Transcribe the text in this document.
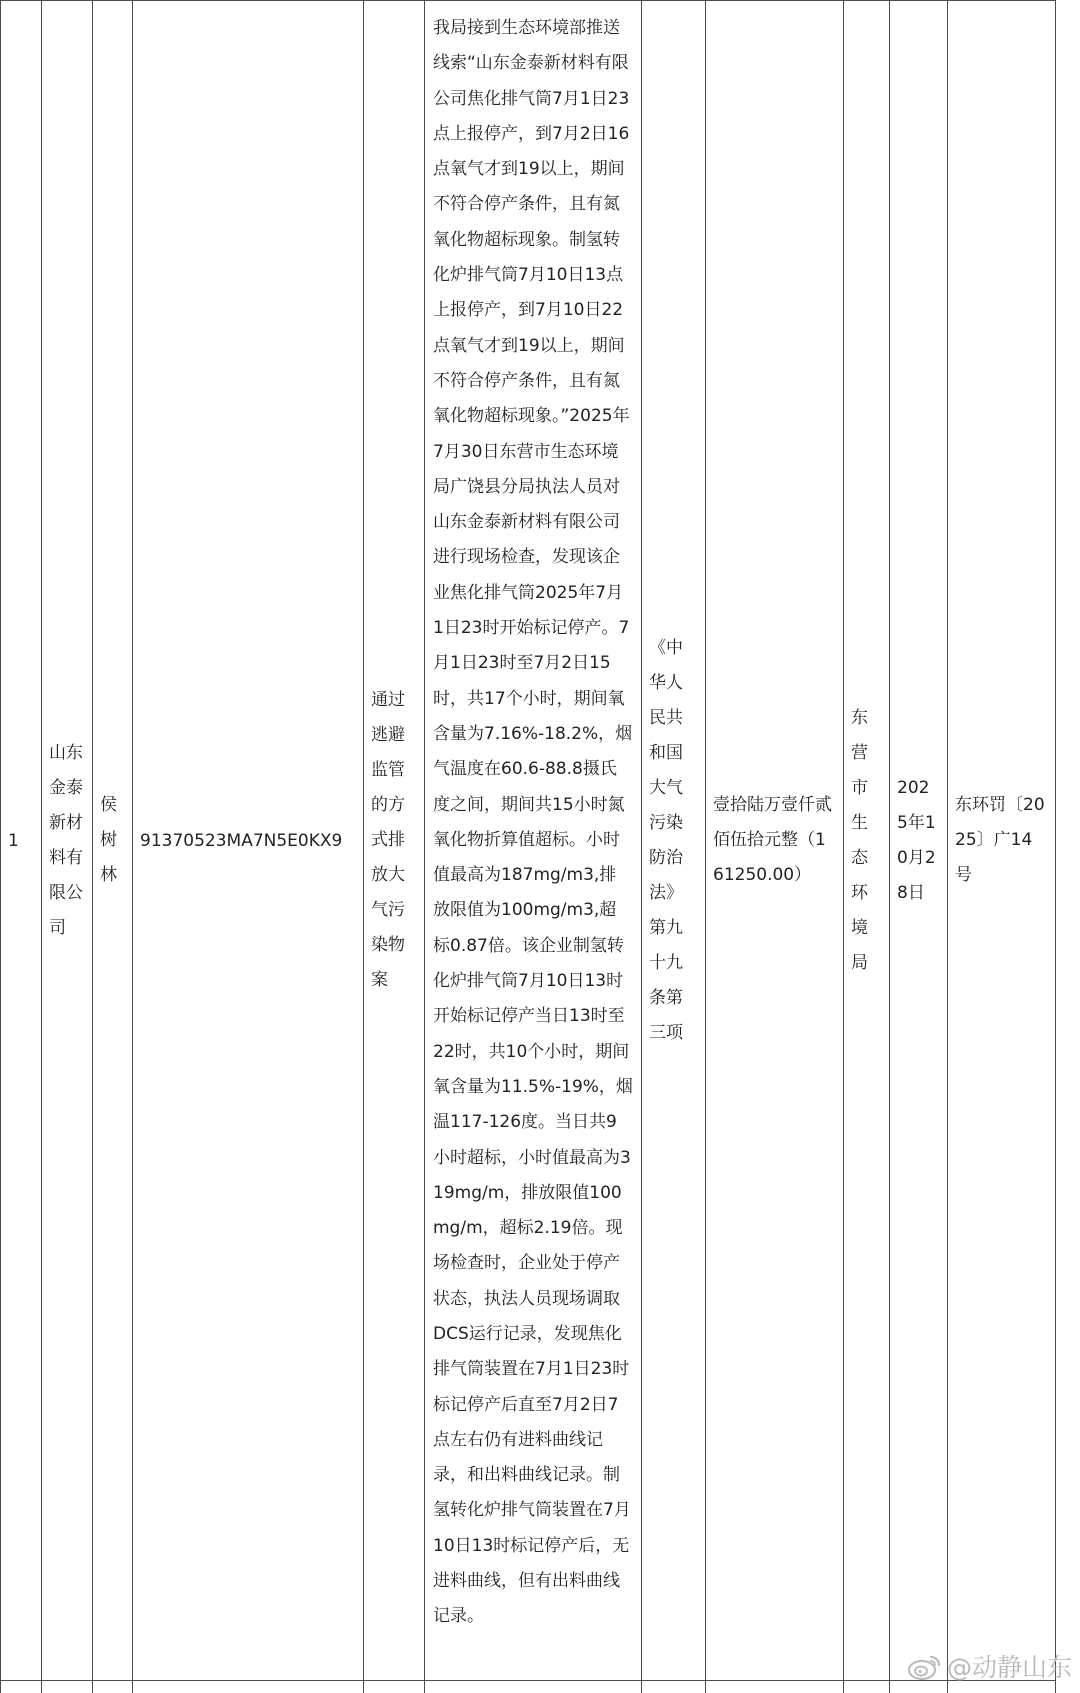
1	山东金泰新材料有限公司	侯树林	91370523MA7N5E0KX9	通过逃避监管的方式排放大气污染物案	我局接到生态环境部推送线索“山东金泰新材料有限公司焦化排气筒7月1日23点上报停产，到7月2日16点氧气才到19以上，期间不符合停产条件，且有氮氧化物超标现象。制氢转化炉排气筒7月10日13点上报停产，到7月10日22点氧气才到19以上，期间不符合停产条件，且有氮氧化物超标现象。”2025年7月30日东营市生态环境局广饶县分局执法人员对山东金泰新材料有限公司进行现场检查，发现该企业焦化排气筒2025年7月1日23时开始标记停产。7月1日23时至7月2日15时，共17个小时，期间氧含量为7.16%-18.2%，烟气温度在60.6-88.8摄氏度之间，期间共15小时氮氧化物折算值超标。小时值最高为187mg/m3,排放限值为100mg/m3,超标0.87倍。该企业制氢转化炉排气筒7月10日13时开始标记停产当日13时至22时，共10个小时，期间氧含量为11.5%-19%，烟温117-126度。当日共9小时超标，小时值最高为319mg/m，排放限值100mg/m，超标2.19倍。现场检查时，企业处于停产状态，执法人员现场调取DCS运行记录，发现焦化排气筒装置在7月1日23时标记停产后直至7月2日7点左右仍有进料曲线记录，和出料曲线记录。制氢转化炉排气筒装置在7月10日13时标记停产后，无进料曲线，但有出料曲线记录。	《中华人民共和国大气污染防治法》第九十九条第三项	壹拾陆万壹仟贰佰伍拾元整（161250.00）	东营市生态环境局	2025年10月28日	东环罚〔2025〕广14号

@动静山东
